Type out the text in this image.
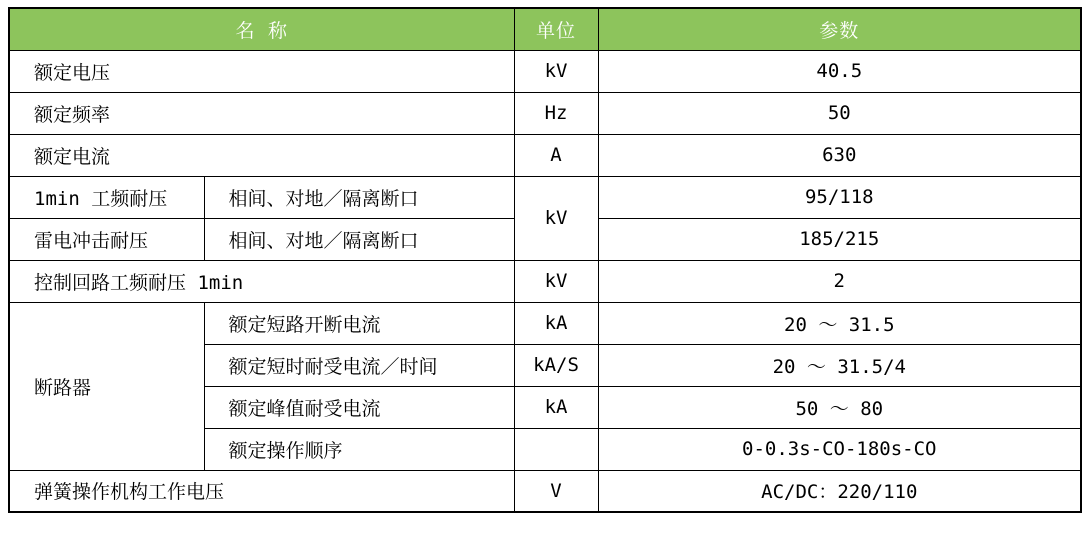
名 称		单位	参数
额定电压		kV	40.5
额定频率		Hz	50
额定电流		A	630
1min 工频耐压	相间、对地／隔离断口	kV	95/118
雷电冲击耐压	相间、对地／隔离断口		185/215
控制回路工频耐压 1min		kV	2
断路器	额定短路开断电流	kA	20 ～ 31.5
	额定短时耐受电流／时间	kA/S	20 ～ 31.5/4
	额定峰值耐受电流	kA	50 ～ 80
	额定操作顺序		0-0.3s-CO-180s-CO
弹簧操作机构工作电压		V	AC/DC：220/110
